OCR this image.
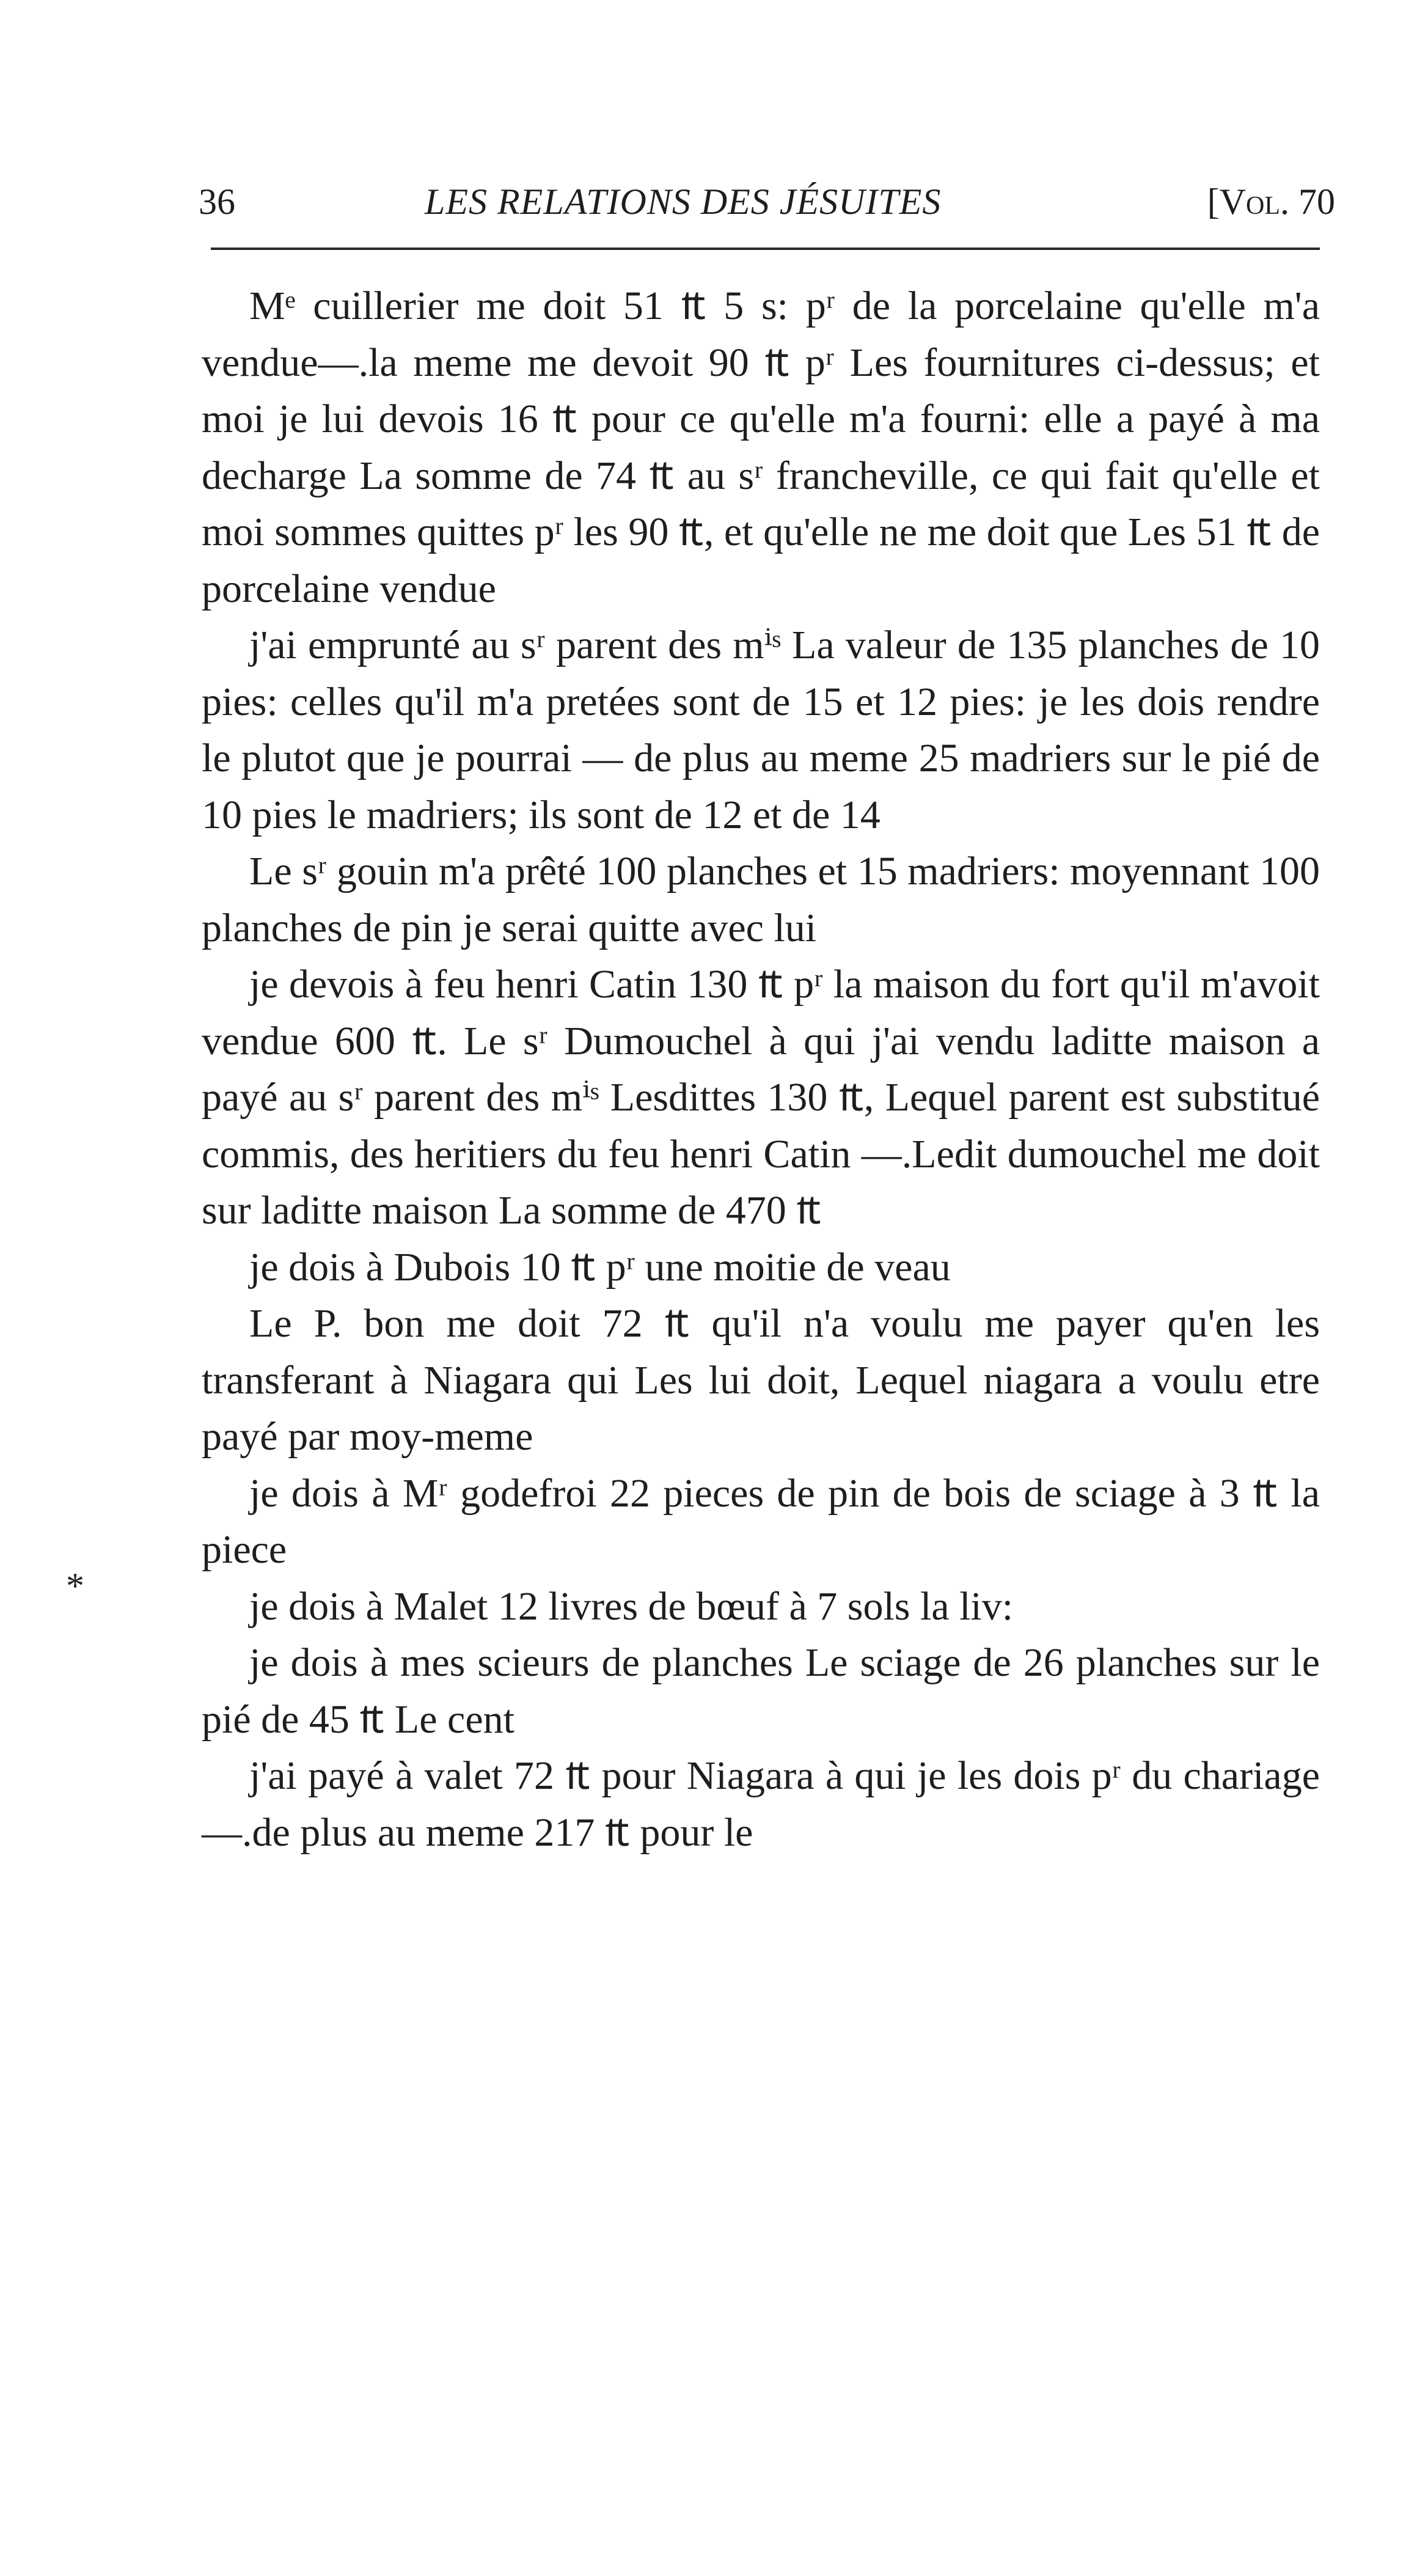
36	LES RELATIONS DES JÉSUITES	[Vol. 70
*

Mᵉ cuillerier me doit 51 ₶ 5 s: pʳ de la porcelaine qu'elle m'a vendue—.la meme me devoit 90 ₶ pʳ Les fournitures ci-dessus; et moi je lui devois 16 ₶ pour ce qu'elle m'a fourni: elle a payé à ma decharge La somme de 74 ₶ au sʳ francheville, ce qui fait qu'elle et moi sommes quittes pʳ les 90 ₶, et qu'elle ne me doit que Les 51 ₶ de porcelaine vendue

j'ai emprunté au sʳ parent des mⁱˢ La valeur de 135 planches de 10 pies: celles qu'il m'a pretées sont de 15 et 12 pies: je les dois rendre le plutot que je pourrai — de plus au meme 25 madriers sur le pié de 10 pies le madriers; ils sont de 12 et de 14

Le sʳ gouin m'a prêté 100 planches et 15 madriers: moyennant 100 planches de pin je serai quitte avec lui

je devois à feu henri Catin 130 ₶ pʳ la maison du fort qu'il m'avoit vendue 600 ₶. Le sʳ Dumouchel à qui j'ai vendu laditte maison a payé au sʳ parent des mⁱˢ Lesdittes 130 ₶, Lequel parent est substitué commis, des heritiers du feu henri Catin —.Ledit dumouchel me doit sur laditte maison La somme de 470 ₶

je dois à Dubois 10 ₶ pʳ une moitie de veau

Le P. bon me doit 72 ₶ qu'il n'a voulu me payer qu'en les transferant à Niagara qui Les lui doit, Lequel niagara a voulu etre payé par moy-meme

je dois à Mʳ godefroi 22 pieces de pin de bois de sciage à 3 ₶ la piece

je dois à Malet 12 livres de bœuf à 7 sols la liv:

je dois à mes scieurs de planches Le sciage de 26 planches sur le pié de 45 ₶ Le cent

j'ai payé à valet 72 ₶ pour Niagara à qui je les dois pʳ du chariage—.de plus au meme 217 ₶ pour le
